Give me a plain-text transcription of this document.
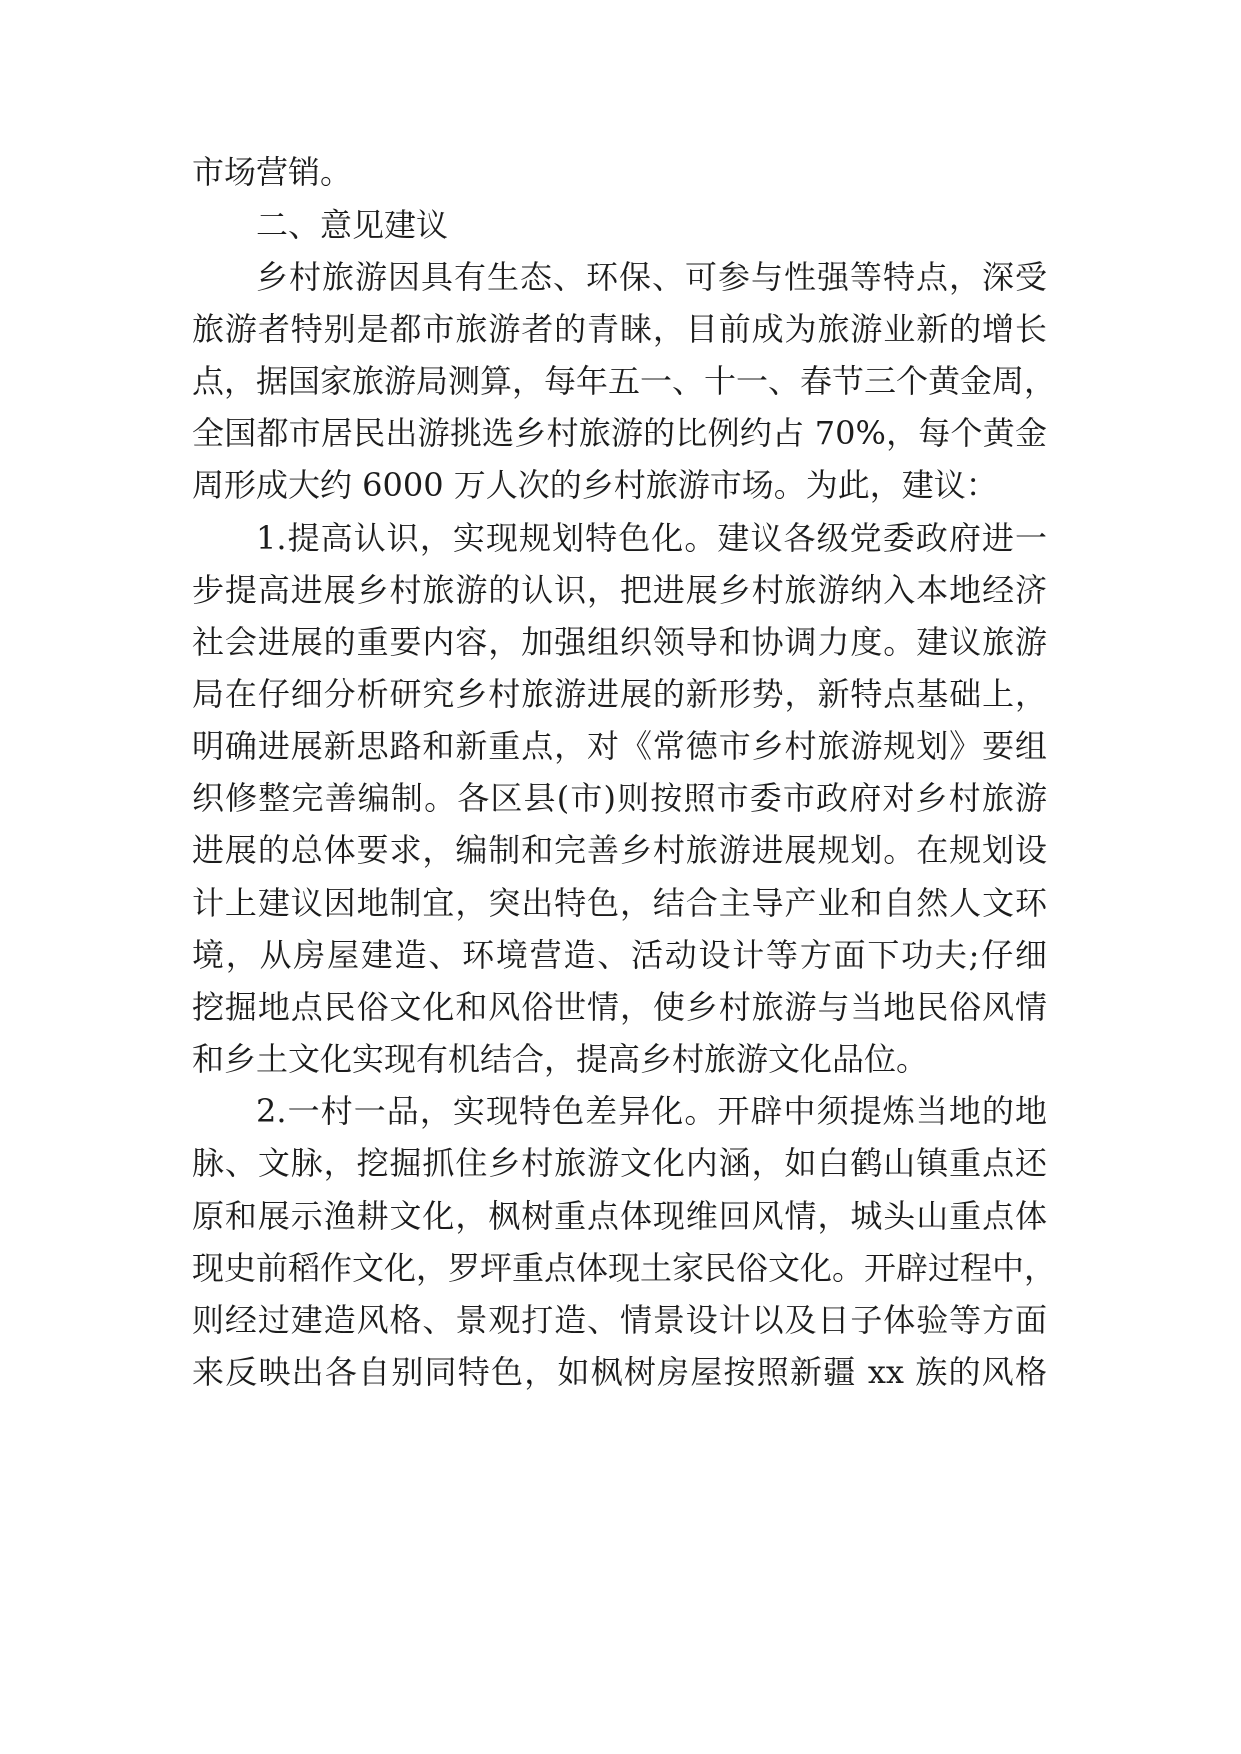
市场营销。
二、意见建议
乡村旅游因具有生态、环保、可参与性强等特点，深受
旅游者特别是都市旅游者的青睐，目前成为旅游业新的增长
点，据国家旅游局测算，每年五一、十一、春节三个黄金周，
全国都市居民出游挑选乡村旅游的比例约占 70%，每个黄金
周形成大约 6000 万人次的乡村旅游市场。为此，建议：
1.提高认识，实现规划特色化。建议各级党委政府进一
步提高进展乡村旅游的认识，把进展乡村旅游纳入本地经济
社会进展的重要内容，加强组织领导和协调力度。建议旅游
局在仔细分析研究乡村旅游进展的新形势，新特点基础上，
明确进展新思路和新重点，对《常德市乡村旅游规划》要组
织修整完善编制。各区县(市)则按照市委市政府对乡村旅游
进展的总体要求，编制和完善乡村旅游进展规划。在规划设
计上建议因地制宜，突出特色，结合主导产业和自然人文环
境，从房屋建造、环境营造、活动设计等方面下功夫;仔细
挖掘地点民俗文化和风俗世情，使乡村旅游与当地民俗风情
和乡土文化实现有机结合，提高乡村旅游文化品位。
2.一村一品，实现特色差异化。开辟中须提炼当地的地
脉、文脉，挖掘抓住乡村旅游文化内涵，如白鹤山镇重点还
原和展示渔耕文化，枫树重点体现维回风情，城头山重点体
现史前稻作文化，罗坪重点体现土家民俗文化。开辟过程中，
则经过建造风格、景观打造、情景设计以及日子体验等方面
来反映出各自别同特色，如枫树房屋按照新疆 xx 族的风格
